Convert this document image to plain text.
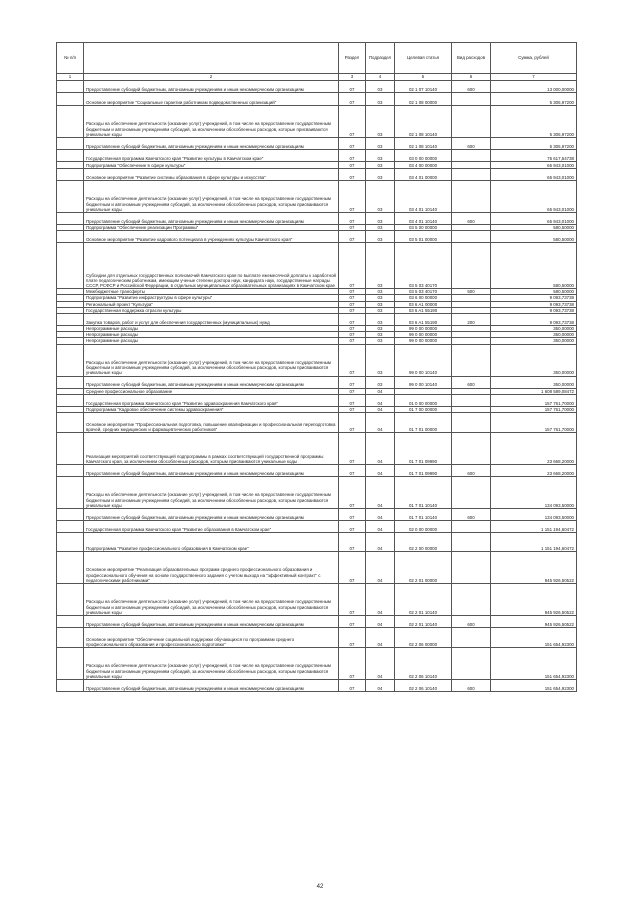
№ п/п		Раздел	Подраздел	Целевая статья	Вид расходов	Сумма, рублей
1	2	3	4	5	6	7
	Предоставление субсидий бюджетным, автономным учреждениям и иным некоммерческим организациям	07	03	02 1 07 10140	600	13 000,00000
	Основное мероприятие "Социальные гарантии работникам подведомственных организаций"	07	03	02 1 08 00000		5 305,97200
	Расходы на обеспечение деятельности (оказание услуг) учреждений, в том числе на предоставление государственным бюджетным и автономным учреждениям субсидий, за исключением обособленных расходов, которые присваиваются уникальные коды	07	03	02 1 08 10140		5 305,97200
	Предоставление субсидий бюджетным, автономным учреждениям и иным некоммерческим организациям	07	03	02 1 08 10140	600	5 305,97200
	Государственная программа Камчатского края "Развитие культуры в Камчатском крае"	07	03	03 0 00 00000		75 617,54738
	Подпрограмма "Обеспечение в сфере культуры"	07	03	03 4 00 00000		65 943,01000
	Основное мероприятие "Развитие системы образования в сфере культуры и искусства"	07	03	03 4 01 00000		65 943,01000
	Расходы на обеспечение деятельности (оказание услуг) учреждений, в том числе на предоставление государственным бюджетным и автономным учреждениям субсидий, за исключением обособленных расходов, которым присваиваются уникальные коды	07	03	03 4 01 10140		65 943,01000
	Предоставление субсидий бюджетным, автономным учреждениям и иным некоммерческим организациям	07	03	03 4 01 10140	600	65 943,01000
	Подпрограмма "Обеспечение реализации Программы"	07	03	03 5 00 00000		580,50000
	Основное мероприятие "Развитие кадрового потенциала в учреждениях культуры Камчатского края"	07	03	03 5 01 00000		580,50000
	Субсидии для отдельных государственных полномочий Камчатского края по выплате ежемесячной доплаты к заработной плате педагогическим работникам, имеющим ученые степени доктора наук, кандидата наук, государственные награды СССР, РСФСР и Российской Федерации, в отдельных муниципальных образовательных организациях в Камчатском крае	07	03	03 5 03 40170		580,50000
	Межбюджетные трансферты	07	03	03 5 03 40170	500	580,50000
	Подпрограмма "Развитие инфраструктуры в сфере культуры"	07	03	03 6 00 00000		9 093,73738
	Региональный проект "Культура"	07	03	03 6 A1 00000		9 093,73738
	Государственная поддержка отрасли культуры	07	03	03 6 A1 55190		9 093,73738
	Закупка товаров, работ и услуг для обеспечения государственных (муниципальных) нужд	07	03	03 6 A1 55190	200	9 093,73738
	Непрограммные расходы	07	03	99 0 00 00000		350,00000
	Непрограммные расходы	07	03	99 0 00 00000		350,00000
	Непрограммные расходы	07	03	99 0 00 00000		350,00000
	Расходы на обеспечение деятельности (оказание услуг) учреждений, в том числе на предоставление государственным бюджетным и автономным учреждениям субсидий, за исключением обособленных расходов, которым присваиваются уникальные коды	07	03	99 0 00 10140		350,00000
	Предоставление субсидий бюджетным, автономным учреждениям и иным некоммерческим организациям	07	03	99 0 00 10140	600	350,00000
	Среднее профессиональное образование	07	04			1 608 589,08472
	Государственная программа Камчатского края "Развитие здравоохранения Камчатского края"	07	04	01 0 00 00000		157 761,70000
	Подпрограмма "Кадровое обеспечение системы здравоохранения"	07	04	01 7 00 00000		157 761,70000
	Основное мероприятие "Профессиональная подготовка, повышение квалификации и профессиональная переподготовка врачей, средних медицинских и фармацевтических работников"	07	04	01 7 01 00000		157 761,70000
	Реализация мероприятий соответствующей подпрограммы в рамках соответствующей государственной программы Камчатского края, за исключением обособленных расходов, которым присваиваются уникальные коды	07	04	01 7 01 09990		23 668,20000
	Предоставление субсидий бюджетным, автономным учреждениям и иным некоммерческим организациям	07	04	01 7 01 09990	600	23 668,20000
	Расходы на обеспечение деятельности (оказание услуг) учреждений, в том числе на предоставление государственным бюджетным и автономным учреждениям субсидий, за исключением обособленных расходов, которым присваиваются уникальные коды	07	04	01 7 01 10140		134 093,50000
	Предоставление субсидий бюджетным, автономным учреждениям и иным некоммерческим организациям	07	04	01 7 01 10140	600	134 093,50000
	Государственная программа Камчатского края "Развитие образования в Камчатском крае"	07	04	02 0 00 00000		1 151 194,60472
	Подпрограмма "Развитие профессионального образования в Камчатском крае"	07	04	02 2 00 00000		1 151 194,60472
	Основное мероприятие "Реализация образовательных программ среднего профессионального образования и профессионального обучения на основе государственного задания с учетом выхода на "эффективный контракт" с педагогическими работниками"	07	04	02 2 01 00000		945 926,50522
	Расходы на обеспечение деятельности (оказание услуг) учреждений, в том числе на предоставление государственным бюджетным и автономным учреждениям субсидий, за исключением обособленных расходов, которым присваиваются уникальные коды	07	04	02 2 01 10140		945 926,50522
	Предоставление субсидий бюджетным, автономным учреждениям и иным некоммерческим организациям	07	04	02 2 01 10140	600	945 926,50522
	Основное мероприятие "Обеспечение социальной поддержки обучающихся по программам среднего профессионального образования и профессионального подготовки"	07	04	02 2 06 00000		151 654,92300
	Расходы на обеспечение деятельности (оказание услуг) учреждений, в том числе на предоставление государственным бюджетным и автономным учреждениям субсидий, за исключением обособленных расходов, которым присваиваются уникальные коды	07	04	02 2 06 10140		151 654,92300
	Предоставление субсидий бюджетным, автономным учреждениям и иным некоммерческим организациям	07	04	02 2 06 10140	600	151 654,92300
42
